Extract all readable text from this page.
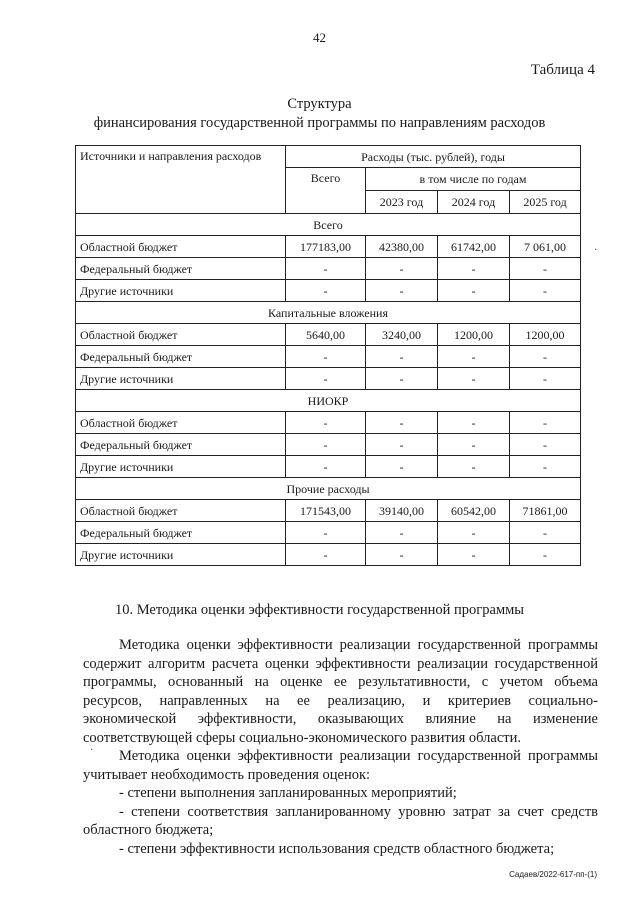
42
Таблица 4
Структура
финансирования государственной программы по направлениям расходов
Источники и направления расходов	Расходы (тыс. рублей), годы			
	Всего	в том числе по годам		
		2023 год	2024 год	2025 год
Всего				
Областной бюджет	177183,00	42380,00	61742,00	7 061,00
Федеральный бюджет	-	-	-	-
Другие источники	-	-	-	-
Капитальные вложения				
Областной бюджет	5640,00	3240,00	1200,00	1200,00
Федеральный бюджет	-	-	-	-
Другие источники	-	-	-	-
НИОКР				
Областной бюджет	-	-	-	-
Федеральный бюджет	-	-	-	-
Другие источники	-	-	-	-
Прочие расходы				
Областной бюджет	171543,00	39140,00	60542,00	71861,00
Федеральный бюджет	-	-	-	-
Другие источники	-	-	-	-
10. Методика оценки эффективности государственной программы
Методика оценки эффективности реализации государственной программы
содержит алгоритм расчета оценки эффективности реализации государственной
программы, основанный на оценке ее результативности, с учетом объема
ресурсов, направленных на ее реализацию, и критериев социально-
экономической эффективности, оказывающих влияние на изменение
соответствующей сферы социально-экономического развития области.
Методика оценки эффективности реализации государственной программы
учитывает необходимость проведения оценок:
- степени выполнения запланированных мероприятий;
- степени соответствия запланированному уровню затрат за счет средств
областного бюджета;
- степени эффективности использования средств областного бюджета;
Садаев/2022-617-пп-(1)
·
·
